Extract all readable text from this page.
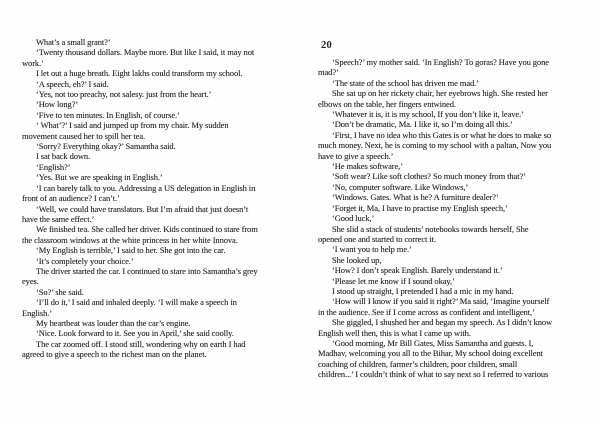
What’s a small grant?’
‘Twenty thousand dollars. Maybe more. But like I said, it may not
work.’
I let out a huge breath. Eight lakhs could transform my school.
‘A speech, eh?’ I said.
‘Yes, not too preachy, not salesy. just from the heart.’
‘How long?’
‘Five to ten minutes. In English, of course.’
‘ What’?’ I said and jumped up from my chair. My sudden
movement caused her to spill her tea.
‘Sorry? Everything okay?’ Samantha said.
I sat back down.
‘English?’
‘Yes. But we are speaking in English.’
‘I can barely talk to you. Addressing a US delegation in English in
front of an audience? I can’t.’
‘Well, we could have translators. But I’m afraid that just doesn’t
have the same effect.’
We finished tea. She called her driver. Kids continued to stare from
the classroom windows at the white princess in her white Innova.
‘My English is terrible,’ I said to her. She got into the car.
‘It’s completely your choice.’
The driver started the car. I continued to stare into Samantha’s grey
eyes.
‘So?’ she said.
‘I’ll do it,’ I said and inhaled deeply. ‘I will make a speech in
English.’
My heartbeat was louder than the car’s engine.
‘Nice. Look forward to it. See you in April,’ she said coolly.
The car zoomed off. I stood still, wondering why on earth I had
agreed to give a speech to the richest man on the planet.
20
‘Speech?’ my mother said. ‘In English? To goras? Have you gone
mad?’
‘The state of the school has driven me mad.’
She sat up on her rickety chair, her eyebrows high. She rested her
elbows on the table, her fingers entwined.
‘Whatever it is, it is my school, If you don’t like it, leave.’
‘Don’t be dramatic, Ma. I like it, so I’m doing all this.’
‘First, I have no idea who this Gates is or what he does to make so
much money. Next, he is coming to my school with a paltan, Now you
have to give a speech.’
‘He makes software,’
‘Soft wear? Like soft clothes? So much money from that?’
‘No, computer software. Like Windows,’
‘Windows. Gates. What is he? A furniture dealer?’
‘Forget it, Ma, I have to practise my English speech,’
‘Good luck,’
She slid a stack of students’ notebooks towards herself, She
opened one and started to correct it.
‘I want you to help me.’
She looked up,
‘How? I don’t speak English. Barely understand it.’
‘Please let me know if I sound okay,’
I stood up straight, I pretended I had a mic in my hand.
‘How will I know if you said it right?’ Ma said, ‘Imagine yourself
in the audience. See if I come across as confident and intelligent,’
She giggled, I shushed her and began my speech. As I didn’t know
English well then, this is what I came up with.
‘Good morning, Mr Bill Gates, Miss Samantha and guests. I,
Madhav, welcoming you all to the Bihar, My school doing excellent
coaching of children, farmer’s children, poor children, small
children...’ I couldn’t think of what to say next so I referred to various
